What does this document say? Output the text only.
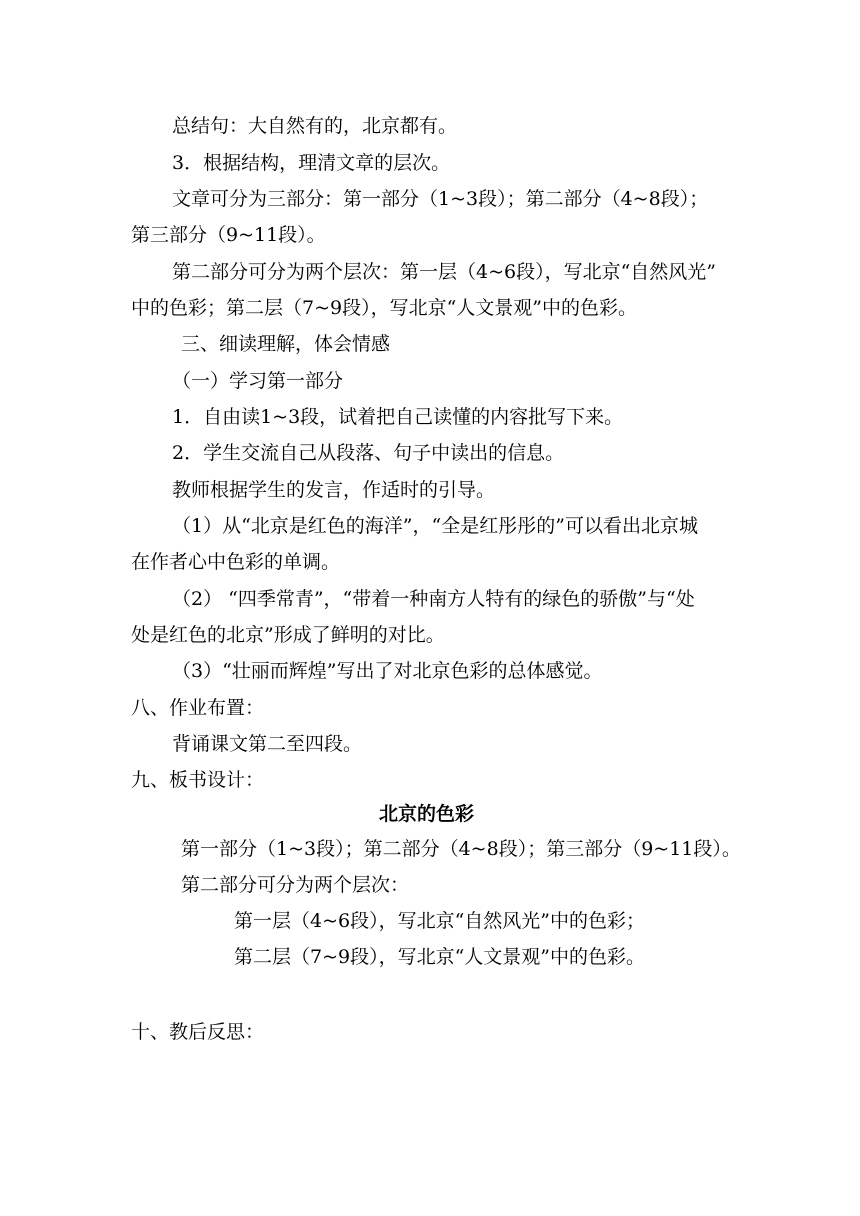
总结句：大自然有的，北京都有。
3．根据结构，理清文章的层次。
文章可分为三部分：第一部分（1~3段）；第二部分（4~8段）；
第三部分（9~11段）。
第二部分可分为两个层次：第一层（4~6段），写北京“自然风光”
中的色彩；第二层（7~9段），写北京“人文景观”中的色彩。
三、细读理解，体会情感
（一）学习第一部分
1．自由读1~3段，试着把自己读懂的内容批写下来。
2．学生交流自己从段落、句子中读出的信息。
教师根据学生的发言，作适时的引导。
（1）从“北京是红色的海洋”，“全是红彤彤的”可以看出北京城
在作者心中色彩的单调。
（2） “四季常青”，“带着一种南方人特有的绿色的骄傲”与“处
处是红色的北京”形成了鲜明的对比。
（3）“壮丽而辉煌”写出了对北京色彩的总体感觉。
八、作业布置：
背诵课文第二至四段。
九、板书设计：
北京的色彩
第一部分（1~3段）；第二部分（4~8段）；第三部分（9~11段）。
第二部分可分为两个层次：
第一层（4~6段），写北京“自然风光”中的色彩；
第二层（7~9段），写北京“人文景观”中的色彩。
十、教后反思：
